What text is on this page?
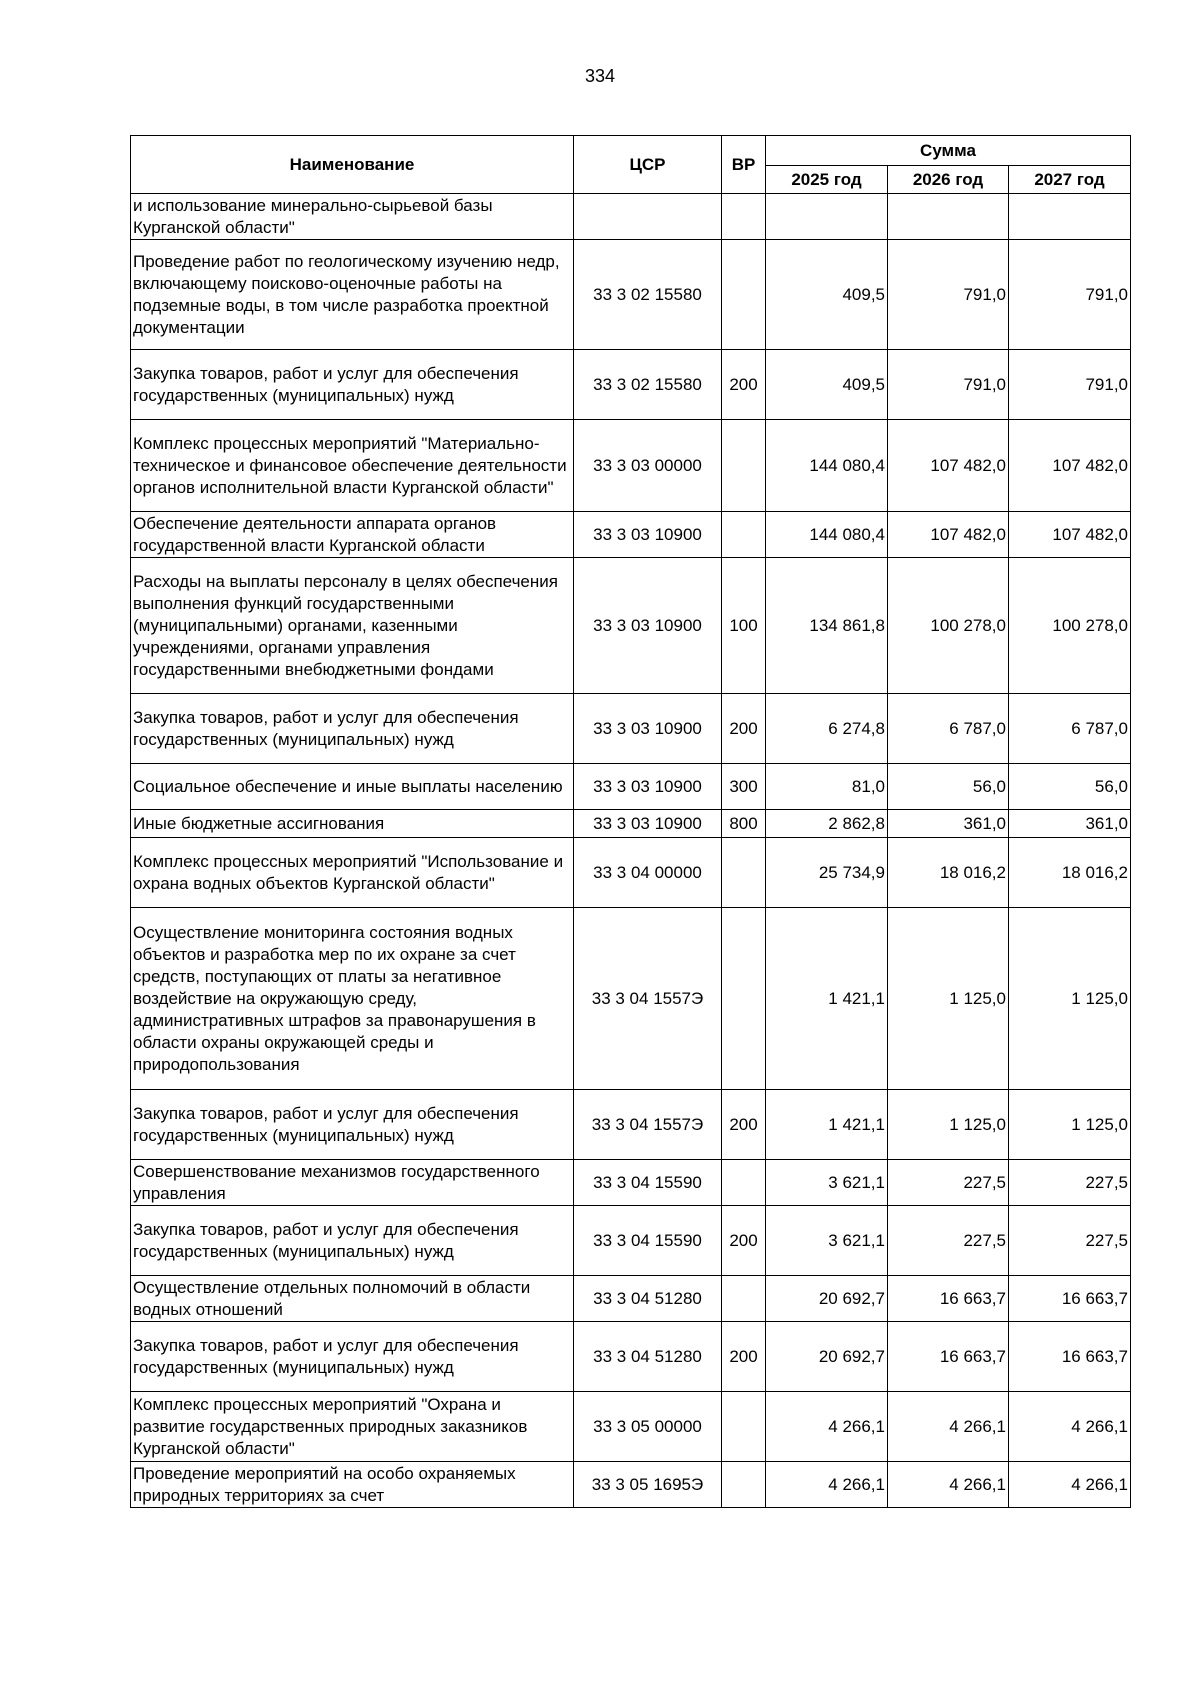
334
Наименование	ЦСР	ВР	Сумма		
			2025 год	2026 год	2027 год
и использование минерально-сырьевой базы Курганской области"					
Проведение работ по геологическому изучению недр, включающему поисково-оценочные работы на подземные воды, в том числе разработка проектной документации	33 3 02 15580		409,5	791,0	791,0
Закупка товаров, работ и услуг для обеспечения государственных (муниципальных) нужд	33 3 02 15580	200	409,5	791,0	791,0
Комплекс процессных мероприятий "Материально-техническое и финансовое обеспечение деятельности органов исполнительной власти Курганской области"	33 3 03 00000		144 080,4	107 482,0	107 482,0
Обеспечение деятельности аппарата органов государственной власти Курганской области	33 3 03 10900		144 080,4	107 482,0	107 482,0
Расходы на выплаты персоналу в целях обеспечения выполнения функций государственными (муниципальными) органами, казенными учреждениями, органами управления государственными внебюджетными фондами	33 3 03 10900	100	134 861,8	100 278,0	100 278,0
Закупка товаров, работ и услуг для обеспечения государственных (муниципальных) нужд	33 3 03 10900	200	6 274,8	6 787,0	6 787,0
Социальное обеспечение и иные выплаты населению	33 3 03 10900	300	81,0	56,0	56,0
Иные бюджетные ассигнования	33 3 03 10900	800	2 862,8	361,0	361,0
Комплекс процессных мероприятий "Использование и охрана водных объектов Курганской области"	33 3 04 00000		25 734,9	18 016,2	18 016,2
Осуществление мониторинга состояния водных объектов и разработка мер по их охране за счет средств, поступающих от платы за негативное воздействие на окружающую среду, административных штрафов за правонарушения в области охраны окружающей среды и природопользования	33 3 04 1557Э		1 421,1	1 125,0	1 125,0
Закупка товаров, работ и услуг для обеспечения государственных (муниципальных) нужд	33 3 04 1557Э	200	1 421,1	1 125,0	1 125,0
Совершенствование механизмов государственного управления	33 3 04 15590		3 621,1	227,5	227,5
Закупка товаров, работ и услуг для обеспечения государственных (муниципальных) нужд	33 3 04 15590	200	3 621,1	227,5	227,5
Осуществление отдельных полномочий в области водных отношений	33 3 04 51280		20 692,7	16 663,7	16 663,7
Закупка товаров, работ и услуг для обеспечения государственных (муниципальных) нужд	33 3 04 51280	200	20 692,7	16 663,7	16 663,7
Комплекс процессных мероприятий "Охрана и развитие государственных природных заказников Курганской области"	33 3 05 00000		4 266,1	4 266,1	4 266,1
Проведение мероприятий на особо охраняемых природных территориях за счет	33 3 05 1695Э		4 266,1	4 266,1	4 266,1
